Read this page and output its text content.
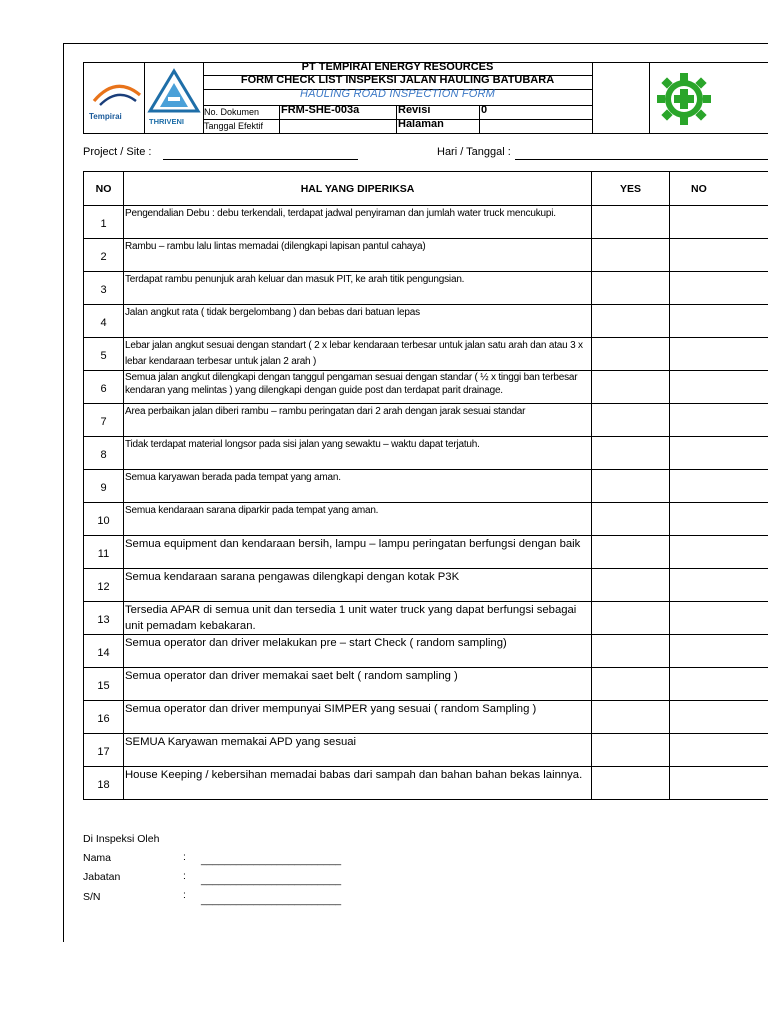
Tempirai
THRIVENI
PT TEMPIRAI ENERGY RESOURCES
FORM CHECK LIST INSPEKSI JALAN HAULING BATUBARA
HAULING ROAD INSPECTION FORM
No. Dokumen FRM-SHE-003a	Revisi	0
Tanggal Efektif	Halaman
Project / Site :	Hari / Tanggal :
NO	HAL YANG DIPERIKSA	YES	NO
1	Pengendalian Debu : debu terkendali, terdapat jadwal penyiraman dan jumlah water truck mencukupi.		

2	Rambu – rambu lalu lintas memadai (dilengkapi lapisan pantul cahaya)		

3	Terdapat rambu penunjuk arah keluar dan masuk PIT, ke arah titik pengungsian.		

4	Jalan angkut rata ( tidak bergelombang ) dan bebas dari batuan lepas		

5	Lebar jalan angkut sesuai dengan standart ( 2 x lebar kendaraan terbesar untuk jalan satu arah dan atau 3 x lebar kendaraan terbesar untuk jalan 2 arah )		

6	Semua jalan angkut dilengkapi dengan tanggul pengaman sesuai dengan standar ( ½ x tinggi ban terbesar kendaran yang melintas ) yang dilengkapi dengan guide post dan terdapat parit drainage.		

7	Area perbaikan jalan diberi rambu – rambu peringatan dari 2 arah dengan jarak sesuai standar		

8	Tidak terdapat material longsor pada sisi jalan yang sewaktu – waktu dapat terjatuh.		

9	Semua karyawan berada pada tempat yang aman.		

10	Semua kendaraan sarana diparkir pada tempat yang aman.		

11	Semua equipment dan kendaraan bersih, lampu – lampu peringatan berfungsi dengan baik		

12	Semua kendaraan sarana pengawas dilengkapi dengan kotak P3K		

13	Tersedia APAR di semua unit dan tersedia 1 unit water truck yang dapat berfungsi sebagai unit pemadam kebakaran.		

14	Semua operator dan driver melakukan pre – start Check ( random sampling)		

15	Semua operator dan driver memakai saet belt ( random sampling )		

16	Semua operator dan driver mempunyai SIMPER yang sesuai ( random Sampling )		

17	SEMUA Karyawan memakai APD yang sesuai		

18	House Keeping / kebersihan memadai babas dari sampah dan bahan bahan bekas lainnya.		

Di Inspeksi Oleh
Nama	: ________________________
Jabatan	: ________________________
S/N	: ________________________
